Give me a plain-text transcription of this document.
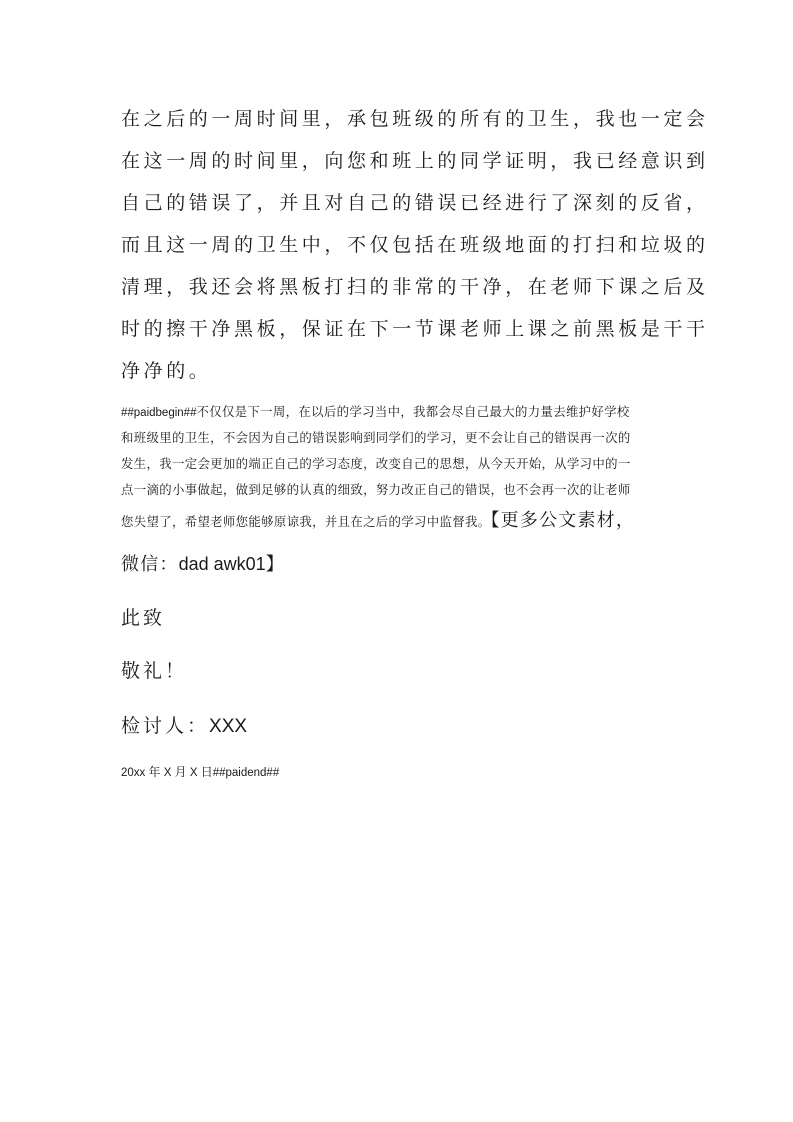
在之后的一周时间里，承包班级的所有的卫生，我也一定会
在这一周的时间里，向您和班上的同学证明，我已经意识到
自己的错误了，并且对自己的错误已经进行了深刻的反省，
而且这一周的卫生中，不仅包括在班级地面的打扫和垃圾的
清理，我还会将黑板打扫的非常的干净，在老师下课之后及
时的擦干净黑板，保证在下一节课老师上课之前黑板是干干
净净的。
##paidbegin##不仅仅是下一周，在以后的学习当中，我都会尽自己最大的力量去维护好学校
和班级里的卫生，不会因为自己的错误影响到同学们的学习，更不会让自己的错误再一次的
发生，我一定会更加的端正自己的学习态度，改变自己的思想，从今天开始，从学习中的一
点一滴的小事做起，做到足够的认真的细致，努力改正自己的错误，也不会再一次的让老师
您失望了，希望老师您能够原谅我，并且在之后的学习中监督我。【更多公文素材，
微信：dad awk01】
此致
敬礼！
检讨人：XXX
20xx 年 X 月 X 日##paidend##
